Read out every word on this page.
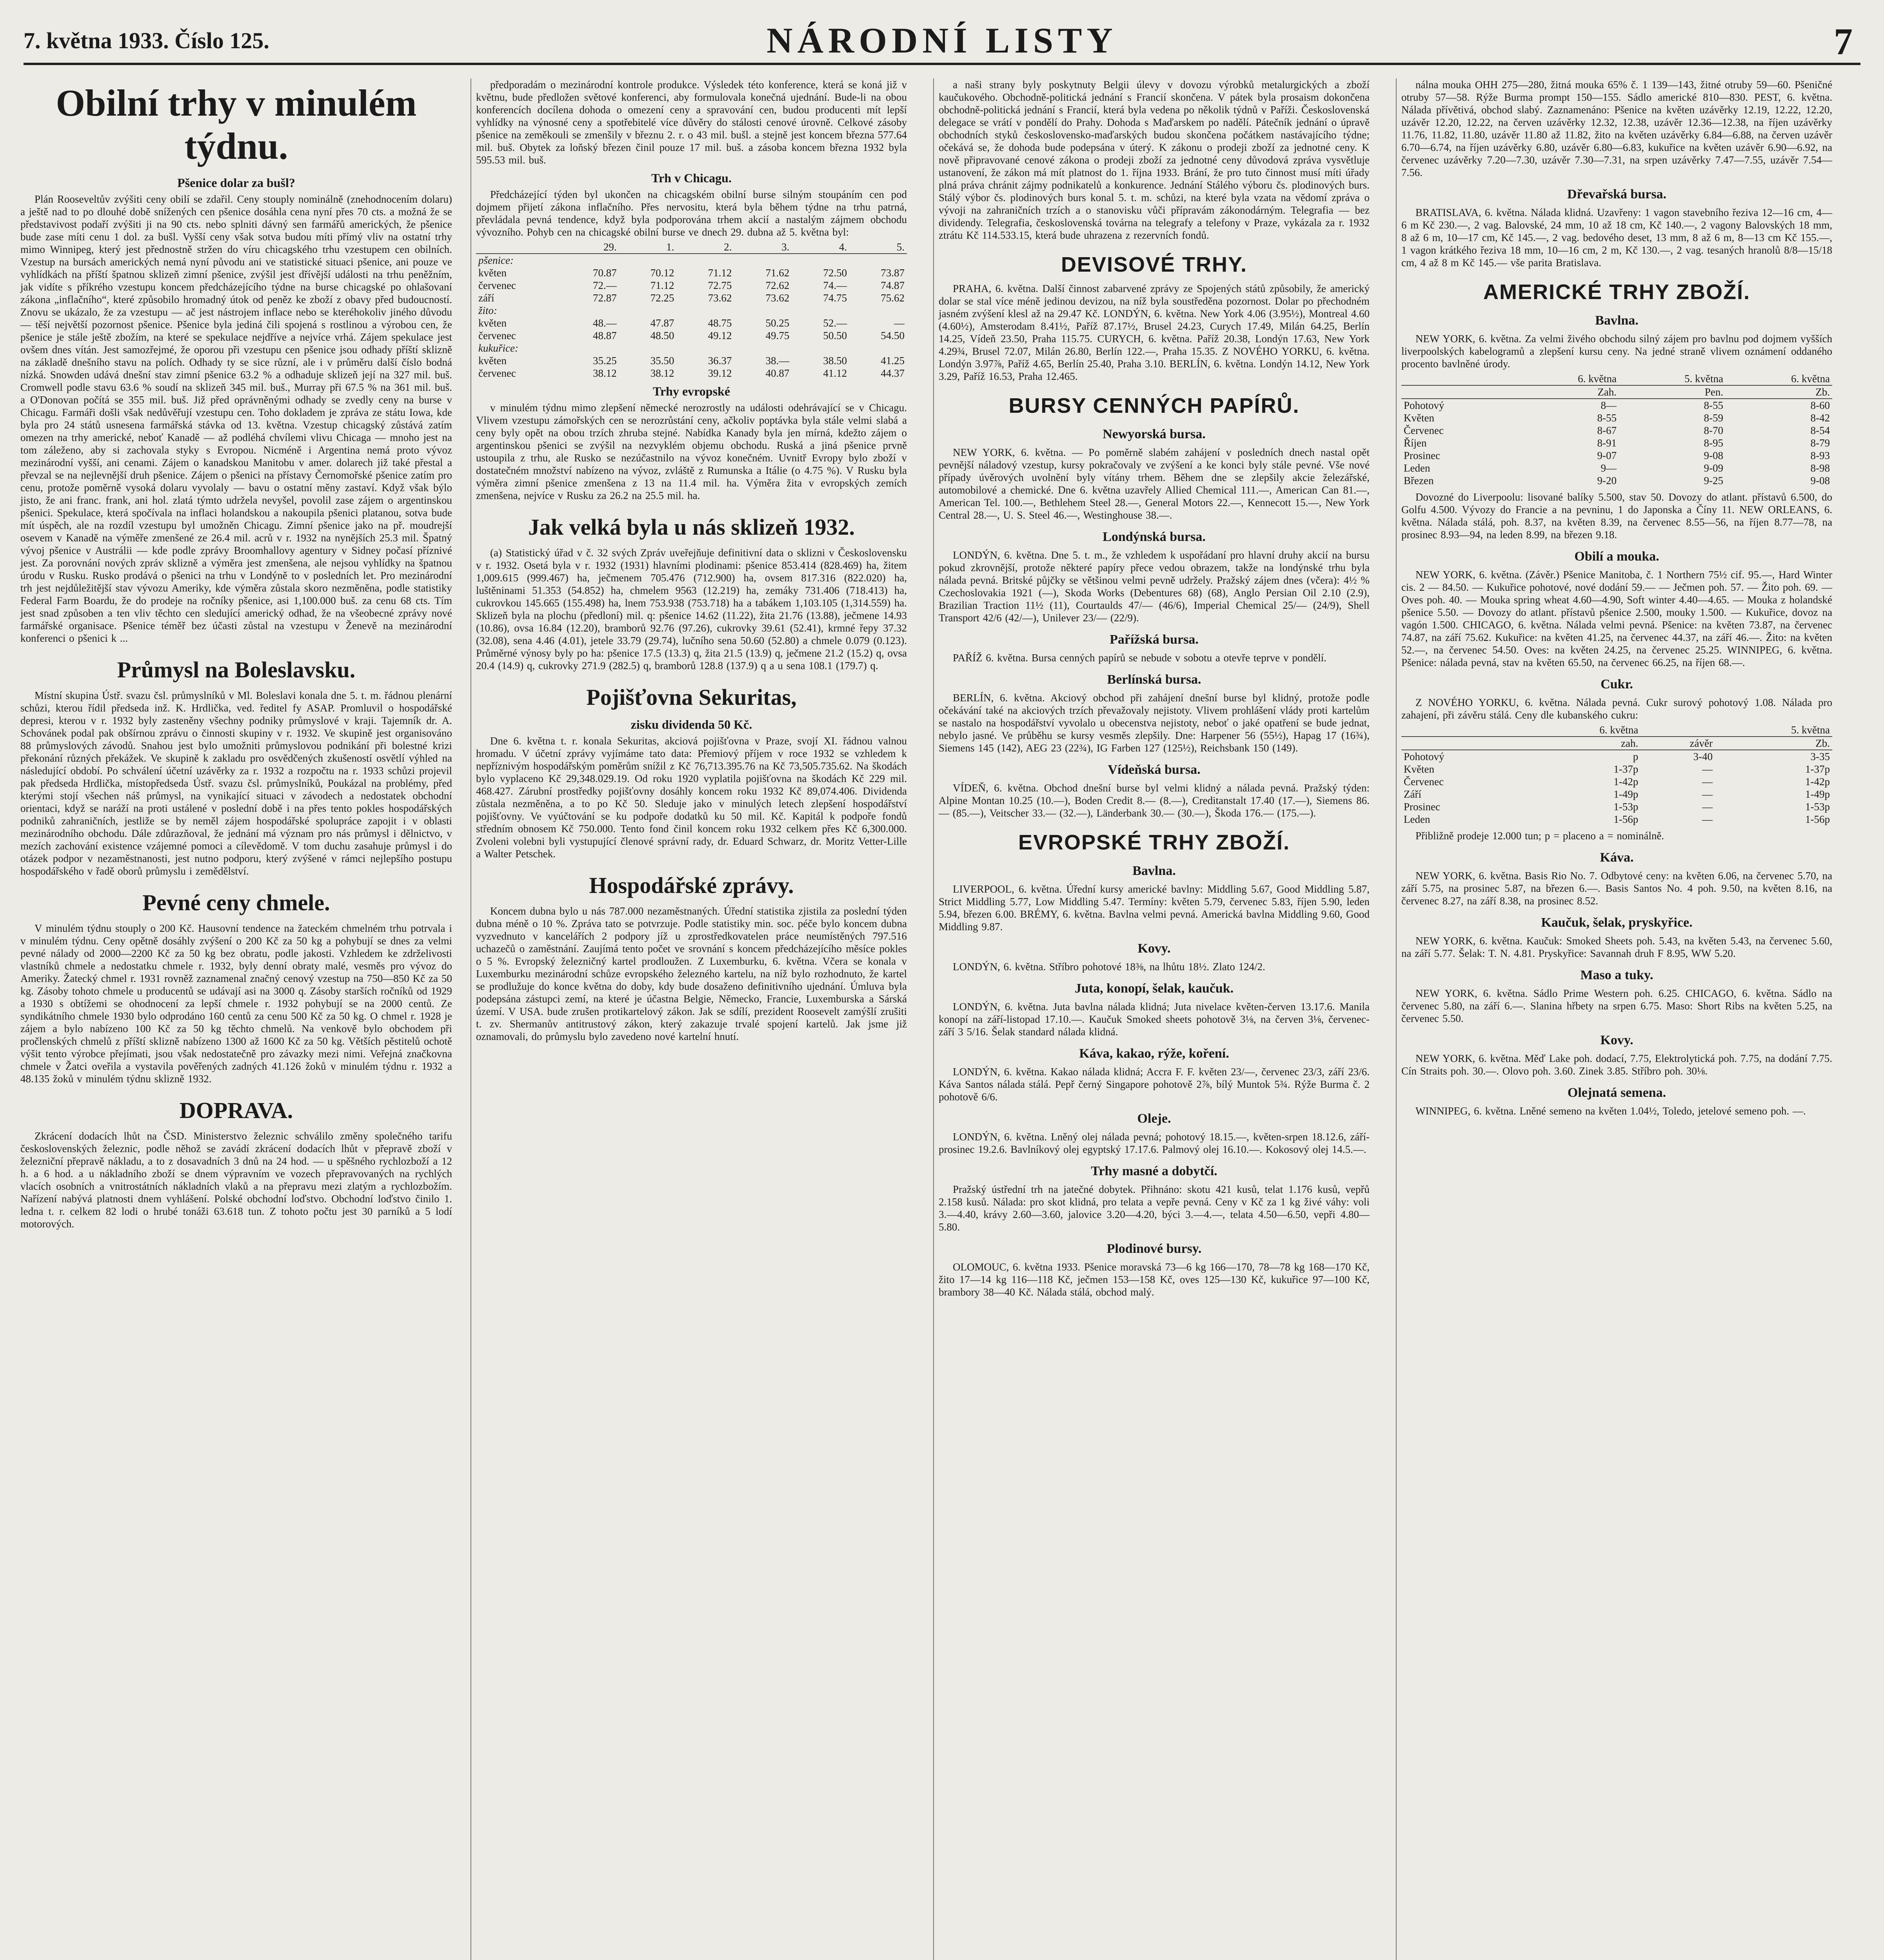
7. května 1933. Číslo 125.	NÁRODNÍ LISTY	7
Obilní trhy v minulém týdnu.
Pšenice dolar za bušl?

Plán Rooseveltův zvýšiti ceny obilí se zdařil. Ceny stouply nominálně (znehodnocením dolaru) a ještě nad to po dlouhé době snížených cen pšenice dosáhla cena nyní přes 70 cts. a možná že se představivost podaří zvýšiti ji na 90 cts. nebo splniti dávný sen farmářů amerických, že pšenice bude zase míti cenu 1 dol. za bušl. Vyšší ceny však sotva budou míti přímý vliv na ostatní trhy mimo Winnipeg, který jest přednostně stržen do víru chicagského trhu vzestupem cen obilních. Vzestup na bursách amerických nemá nyní původu ani ve statistické situaci pšenice, ani pouze ve vyhlídkách na příští špatnou sklizeň zimní pšenice, zvýšil jest dřívější události na trhu peněžním, jak vidíte s příkrého vzestupu koncem předcházejícího týdne na burse chicagské po ohlašovaní zákona „inflačního“, které způsobilo hromadný útok od peněz ke zboží z obavy před budoucností. Znovu se ukázalo, že za vzestupu — ač jest nástrojem inflace nebo se kteréhokoliv jiného důvodu — těší největší pozornost pšenice. Pšenice byla jediná čili spojená s rostlinou a výrobou cen, že pšenice je stále ještě zbožím, na které se spekulace nejdříve a nejvíce vrhá. Zájem spekulace jest ovšem dnes vítán. Jest samozřejmé, že oporou při vzestupu cen pšenice jsou odhady příští sklizně na základě dnešního stavu na polích. Odhady ty se sice různí, ale i v průměru další číslo bodná nízká. Snowden udává dnešní stav zimní pšenice 63.2 % a odhaduje sklizeň její na 327 mil. buš. Cromwell podle stavu 63.6 % soudí na sklizeň 345 mil. buš., Murray při 67.5 % na 361 mil. buš. a O'Donovan počítá se 355 mil. buš. Již před oprávněnými odhady se zvedly ceny na burse v Chicagu. Farmáři došli však nedůvěřují vzestupu cen. Toho dokladem je zpráva ze státu Iowa, kde byla pro 24 států usnesena farmářská stávka od 13. května. Vzestup chicagský zůstává zatím omezen na trhy americké, neboť Kanadě — až podléhá chvílemi vlivu Chicaga — mnoho jest na tom záleženo, aby si zachovala styky s Evropou. Nicméně i Argentina nemá proto vývoz mezinárodní vyšší, ani cenami. Zájem o kanadskou Manitobu v amer. dolarech již také přestal a převzal se na nejlevnější druh pšenice. Zájem o pšenici na přístavy Černomořské pšenice zatím pro cenu, protože poměrně vysoká dolaru vyvolaly — bavu o ostatní měny zastaví. Když však býlo jisto, že ani franc. frank, ani hol. zlatá týmto udržela nevyšel, povolil zase zájem o argentinskou pšenici. Spekulace, která spočívala na inflaci holandskou a nakoupila pšenici platanou, sotva bude mít úspěch, ale na rozdíl vzestupu byl umožněn Chicagu. Zimní pšenice jako na př. moudrejší osevem v Kanadě na výměře zmenšené ze 26.4 mil. acrů v r. 1932 na nynějších 25.3 mil. Špatný vývoj pšenice v Austrálii — kde podle zprávy Broomhallovy agentury v Sidney počasí příznivé jest. Za porovnání nových zpráv sklizně a výměra jest zmenšena, ale nejsou vyhlídky na špatnou úrodu v Rusku. Rusko prodává o pšenici na trhu v Londýně to v posledních let. Pro mezinárodní trh jest nejdůležitější stav vývozu Ameriky, kde výměra zůstala skoro nezměněna, podle statistiky Federal Farm Boardu, že do prodeje na ročníky pšenice, asi 1,100.000 buš. za cenu 68 cts. Tím jest snad způsoben a ten vliv těchto cen sledující americký odhad, že na všeobecné zprávy nové farmářské organisace. Pšenice téměř bez účasti zůstal na vzestupu v Ženevě na mezinárodní konferenci o pšenici k ...

Průmysl na Boleslavsku.

Místní skupina Ústř. svazu čsl. průmyslníků v Ml. Boleslavi konala dne 5. t. m. řádnou plenární schůzi, kterou řídil předseda inž. K. Hrdlička, ved. ředitel fy ASAP. Promluvil o hospodářské depresi, kterou v r. 1932 byly zasteněny všechny podniky průmyslové v kraji. Tajemník dr. A. Schovánek podal pak obšírnou zprávu o činnosti skupiny v r. 1932. Ve skupině jest organisováno 88 průmyslových závodů. Snahou jest bylo umožniti průmyslovou podnikání při bolestné krizi překonání různých překážek. Ve skupině k zakladu pro osvědčených zkušeností osvětlí výhled na následující období. Po schválení účetní uzávěrky za r. 1932 a rozpočtu na r. 1933 schůzi projevil pak předseda Hrdlička, místopředseda Ústř. svazu čsl. průmyslníků, Poukázal na problémy, před kterými stojí všechen náš průmysl, na vynikající situaci v závodech a nedostatek obchodní orientaci, když se naráží na proti ustálené v poslední době i na přes tento pokles hospodářských podniků zahraničních, jestliže se by neměl zájem hospodářské spolupráce zapojit i v oblasti mezinárodního obchodu. Dále zdůrazňoval, že jednání má význam pro nás průmysl i dělnictvo, v mezích zachování existence vzájemné pomoci a cílevědomě. V tom duchu zasahuje průmysl i do otázek podpor v nezaměstnanosti, jest nutno podporu, který zvýšené v rámci nejlepšího postupu hospodářského v řadě oborů průmyslu i zemědělství.

Pevné ceny chmele.

V minulém týdnu stouply o 200 Kč. Hausovní tendence na žateckém chmelném trhu potrvala i v minulém týdnu. Ceny opětně dosáhly zvýšení o 200 Kč za 50 kg a pohybují se dnes za velmi pevné nálady od 2000—2200 Kč za 50 kg bez obratu, podle jakosti. Vzhledem ke zdrželivosti vlastníků chmele a nedostatku chmele r. 1932, byly denní obraty malé, vesměs pro vývoz do Ameriky. Žatecký chmel r. 1931 rovněž zaznamenal značný cenový vzestup na 750—850 Kč za 50 kg. Zásoby tohoto chmele u producentů se udávají asi na 3000 q. Zásoby starších ročníků od 1929 a 1930 s obtížemi se ohodnocení za lepší chmele r. 1932 pohybují se na 2000 centů. Ze syndikátního chmele 1930 bylo odprodáno 160 centů za cenu 500 Kč za 50 kg. O chmel r. 1928 je zájem a bylo nabízeno 100 Kč za 50 kg těchto chmelů. Na venkově bylo obchodem při pročlenských chmelů z příští sklizně nabízeno 1300 až 1600 Kč za 50 kg. Větších pěstitelů ochotě výšit tento výrobce přejímati, jsou však nedostatečně pro závazky mezi nimi. Veřejná značkovna chmele v Žatci oveřila a vystavila pověřených zadných 41.126 žoků v minulém týdnu r. 1932 a 48.135 žoků v minulém týdnu sklizně 1932.

DOPRAVA.

Zkrácení dodacích lhůt na ČSD. Ministerstvo železnic schválilo změny společného tarifu československých železnic, podle něhož se zavádí zkrácení dodacích lhůt v přepravě zboží v železniční přepravě nákladu, a to z dosavadních 3 dnů na 24 hod. — u spěšného rychlozboží a 12 h. a 6 hod. a u nákladního zboží se dnem výpravním ve vozech přepravovaných na rychlých vlacích osobních a vnitrostátních nákladních vlaků a na přepravu mezi zlatým a rychlozbožím. Nařízení nabývá platnosti dnem vyhlášení. Polské obchodní loďstvo. Obchodní loďstvo činilo 1. ledna t. r. celkem 82 lodi o hrubé tonáži 63.618 tun. Z tohoto počtu jest 30 parníků a 5 lodí motorových.

předporadám o mezinárodní kontrole produkce. Výsledek této konference, která se koná již v květnu, bude předložen světové konferenci, aby formulovala konečná ujednání. Bude-li na obou konferencích docílena dohoda o omezení ceny a spravování cen, budou producenti mít lepší vyhlídky na výnosné ceny a spotřebitelé více důvěry do stálosti cenové úrovně. Celkové zásoby pšenice na zeměkouli se zmenšily v březnu 2. r. o 43 mil. bušl. a stejně jest koncem března 577.64 mil. buš. Obytek za loňský březen činil pouze 17 mil. buš. a zásoba koncem března 1932 byla 595.53 mil. buš.

Trh v Chicagu.

Předcházející týden byl ukončen na chicagském obilní burse silným stoupáním cen pod dojmem přijetí zákona inflačního. Přes nervositu, která byla během týdne na trhu patrná, převládala pevná tendence, když byla podporována trhem akcií a nastalým zájmem obchodu vývozního. Pohyb cen na chicagské obilní burse ve dnech 29. dubna až 5. května byl:

	29.	1.	2.	3.	4.	5.
pšenice:						
květen	70.87	70.12	71.12	71.62	72.50	73.87
červenec	72.—	71.12	72.75	72.62	74.—	74.87
září	72.87	72.25	73.62	73.62	74.75	75.62
žito:						
květen	48.—	47.87	48.75	50.25	52.—	—
červenec	48.87	48.50	49.12	49.75	50.50	54.50
kukuřice:						
květen	35.25	35.50	36.37	38.—	38.50	41.25
červenec	38.12	38.12	39.12	40.87	41.12	44.37
Trhy evropské

v minulém týdnu mimo zlepšení německé nerozrostly na události odehrávající se v Chicagu. Vlivem vzestupu zámořských cen se nerozrůstání ceny, ačkoliv poptávka byla stále velmi slabá a ceny byly opět na obou trzích zhruba stejné. Nabídka Kanady byla jen mírná, kdežto zájem o argentinskou pšenici se zvýšil na nezvyklém objemu obchodu. Ruská a jiná pšenice prvně ustoupila z trhu, ale Rusko se nezúčastnilo na vývoz konečném. Uvnitř Evropy bylo zboží v dostatečném množství nabízeno na vývoz, zvláště z Rumunska a Itálie (o 4.75 %). V Rusku byla výměra zimní pšenice zmenšena z 13 na 11.4 mil. ha. Výměra žita v evropských zemích zmenšena, nejvíce v Rusku za 26.2 na 25.5 mil. ha.

Jak velká byla u nás sklizeň 1932.

(a) Statistický úřad v č. 32 svých Zpráv uveřejňuje definitivní data o sklizni v Československu v r. 1932. Osetá byla v r. 1932 (1931) hlavními plodinami: pšenice 853.414 (828.469) ha, žitem 1,009.615 (999.467) ha, ječmenem 705.476 (712.900) ha, ovsem 817.316 (822.020) ha, luštěninami 51.353 (54.852) ha, chmelem 9563 (12.219) ha, zemáky 731.406 (718.413) ha, cukrovkou 145.665 (155.498) ha, lnem 753.938 (753.718) ha a tabákem 1,103.105 (1,314.559) ha. Sklizeň byla na plochu (předloní) mil. q: pšenice 14.62 (11.22), žita 21.76 (13.88), ječmene 14.93 (10.86), ovsa 16.84 (12.20), bramborů 92.76 (97.26), cukrovky 39.61 (52.41), krmné řepy 37.32 (32.08), sena 4.46 (4.01), jetele 33.79 (29.74), lučního sena 50.60 (52.80) a chmele 0.079 (0.123). Průměrné výnosy byly po ha: pšenice 17.5 (13.3) q, žita 21.5 (13.9) q, ječmene 21.2 (15.2) q, ovsa 20.4 (14.9) q, cukrovky 271.9 (282.5) q, bramborů 128.8 (137.9) q a u sena 108.1 (179.7) q.

Pojišťovna Sekuritas,
zisku dividenda 50 Kč.

Dne 6. května t. r. konala Sekuritas, akciová pojišťovna v Praze, svojí XI. řádnou valnou hromadu. V účetní zprávy vyjímáme tato data: Přemiový příjem v roce 1932 se vzhledem k nepříznivým hospodářským poměrům snížil z Kč 76,713.395.76 na Kč 73,505.735.62. Na škodách bylo vyplaceno Kč 29,348.029.19. Od roku 1920 vyplatila pojišťovna na škodách Kč 229 mil. 468.427. Zárubní prostředky pojišťovny dosáhly koncem roku 1932 Kč 89,074.406. Dividenda zůstala nezměněna, a to po Kč 50. Sleduje jako v minulých letech zlepšení hospodářství pojišťovny. Ve vyúčtování se ku podpoře dodatků ku 50 mil. Kč. Kapitál k podpoře fondů středním obnosem Kč 750.000. Tento fond činil koncem roku 1932 celkem přes Kč 6,300.000. Zvoleni volebni byli vystupující členové správní rady, dr. Eduard Schwarz, dr. Moritz Vetter-Lille a Walter Petschek.

Hospodářské zprávy.

Koncem dubna bylo u nás 787.000 nezaměstnaných. Úřední statistika zjistila za poslední týden dubna méně o 10 %. Zpráva tato se potvrzuje. Podle statistiky min. soc. péče bylo koncem dubna vyzvednuto v kancelářích 2 podpory jíž u zprostředkovatelen práce neumístěných 797.516 uchazečů o zaměstnání. Zaujímá tento počet ve srovnání s koncem předcházejícího měsíce pokles o 5 %. Evropský železničný kartel prodloužen. Z Luxemburku, 6. května. Včera se konala v Luxemburku mezinárodní schůze evropského železného kartelu, na níž bylo rozhodnuto, že kartel se prodlužuje do konce května do doby, kdy bude dosaženo definitivního ujednání. Úmluva byla podepsána zástupci zemí, na které je účastna Belgie, Německo, Francie, Luxemburska a Sárská území. V USA. bude zrušen protikartelový zákon. Jak se sdílí, prezident Roosevelt zamýšlí zrušiti t. zv. Shermanův antitrustový zákon, který zakazuje trvalé spojení kartelů. Jak jsme již oznamovali, do průmyslu bylo zavedeno nové kartelní hnutí.

a naši strany byly poskytnuty Belgii úlevy v dovozu výrobků metalurgických a zboží kaučukového. Obchodně-politická jednání s Francií skončena. V pátek byla prosaism dokončena obchodně-politická jednání s Francií, která byla vedena po několik týdnů v Paříži. Československá delegace se vrátí v pondělí do Prahy. Dohoda s Maďarskem po nadělí. Pátečník jednání o úpravě obchodních styků československo-maďarských budou skončena počátkem nastávajícího týdne; očekává se, že dohoda bude podepsána v úterý. K zákonu o prodeji zboží za jednotné ceny. K nově připravované cenové zákona o prodeji zboží za jednotné ceny důvodová zpráva vysvětluje ustanovení, že zákon má mít platnost do 1. října 1933. Brání, že pro tuto činnost musí míti úřady plná práva chránit zájmy podnikatelů a konkurence. Jednání Stálého výboru čs. plodinových burs. Stálý výbor čs. plodinových burs konal 5. t. m. schůzi, na které byla vzata na vědomí zpráva o vývoji na zahraničních trzích a o stanovisku vůči přípravám zákonodárným. Telegrafia — bez dividendy. Telegrafia, československá továrna na telegrafy a telefony v Praze, vykázala za r. 1932 ztrátu Kč 114.533.15, která bude uhrazena z rezervních fondů.

DEVISOVÉ TRHY.

PRAHA, 6. května. Další činnost zabarvené zprávy ze Spojených států způsobily, že americký dolar se stal více méně jedinou devizou, na níž byla soustředěna pozornost. Dolar po přechodném jasném zvýšení klesl až na 29.47 Kč. LONDÝN, 6. května. New York 4.06 (3.95½), Montreal 4.60 (4.60½), Amsterodam 8.41½, Paříž 87.17½, Brusel 24.23, Curych 17.49, Milán 64.25, Berlín 14.25, Vídeň 23.50, Praha 115.75. CURYCH, 6. května. Paříž 20.38, Londýn 17.63, New York 4.29¾, Brusel 72.07, Milán 26.80, Berlín 122.—, Praha 15.35. Z NOVÉHO YORKU, 6. května. Londýn 3.97⅞, Paříž 4.65, Berlín 25.40, Praha 3.10. BERLÍN, 6. května. Londýn 14.12, New York 3.29, Paříž 16.53, Praha 12.465.

BURSY CENNÝCH PAPÍRŮ.
Newyorská bursa.

NEW YORK, 6. května. — Po poměrně slabém zahájení v posledních dnech nastal opět pevnější náladový vzestup, kursy pokračovaly ve zvýšení a ke konci byly stále pevné. Vše nové případy úvěrových uvolnění byly vítány trhem. Během dne se zlepšily akcie železářské, automobilové a chemické. Dne 6. května uzavřely Allied Chemical 111.—, American Can 81.—, American Tel. 100.—, Bethlehem Steel 28.—, General Motors 22.—, Kennecott 15.—, New York Central 28.—, U. S. Steel 46.—, Westinghouse 38.—.

Londýnská bursa.

LONDÝN, 6. května. Dne 5. t. m., že vzhledem k uspořádaní pro hlavní druhy akcií na bursu pokud zkrovnější, protože některé papíry přece vedou obrazem, takže na londýnské trhu byla nálada pevná. Britské půjčky se většinou velmi pevně udržely. Pražský zájem dnes (včera): 4½ % Czechoslovakia 1921 (—), Skoda Works (Debentures 68) (68), Anglo Persian Oil 2.10 (2.9), Brazilian Traction 11½ (11), Courtaulds 47/— (46/6), Imperial Chemical 25/— (24/9), Shell Transport 42/6 (42/—), Unilever 23/— (22/9).

Pařížská bursa.

PAŘÍŽ 6. května. Bursa cenných papírů se nebude v sobotu a otevře teprve v pondělí.

Berlínská bursa.

BERLÍN, 6. května. Akciový obchod při zahájení dnešní burse byl klidný, protože podle očekávání také na akciových trzích převažovaly nejistoty. Vlivem prohlášení vlády proti kartelům se nastalo na hospodářství vyvolalo u obecenstva nejistoty, neboť o jaké opatření se bude jednat, nebylo jasné. Ve průběhu se kursy vesměs zlepšily. Dne: Harpener 56 (55½), Hapag 17 (16¾), Siemens 145 (142), AEG 23 (22¾), IG Farben 127 (125½), Reichsbank 150 (149).

Vídeňská bursa.

VÍDEŇ, 6. května. Obchod dnešní burse byl velmi klidný a nálada pevná. Pražský týden: Alpine Montan 10.25 (10.—), Boden Credit 8.— (8.—), Creditanstalt 17.40 (17.—), Siemens 86.— (85.—), Veitscher 33.— (32.—), Länderbank 30.— (30.—), Škoda 176.— (175.—).

EVROPSKÉ TRHY ZBOŽÍ.
Bavlna.

LIVERPOOL, 6. května. Úřední kursy americké bavlny: Middling 5.67, Good Middling 5.87, Strict Middling 5.77, Low Middling 5.47. Termíny: květen 5.79, červenec 5.83, říjen 5.90, leden 5.94, březen 6.00. BRÉMY, 6. května. Bavlna velmi pevná. Americká bavlna Middling 9.60, Good Middling 9.87.

Kovy.

LONDÝN, 6. května. Stříbro pohotové 18⅜, na lhůtu 18½. Zlato 124/2.

Juta, konopí, šelak, kaučuk.

LONDÝN, 6. května. Juta bavlna nálada klidná; Juta nivelace květen-červen 13.17.6. Manila konopí na září-listopad 17.10.—. Kaučuk Smoked sheets pohotově 3⅛, na červen 3⅛, červenec-září 3 5/16. Šelak standard nálada klidná.

Káva, kakao, rýže, koření.

LONDÝN, 6. května. Kakao nálada klidná; Accra F. F. květen 23/—, červenec 23/3, září 23/6. Káva Santos nálada stálá. Pepř černý Singapore pohotově 2⅞, bílý Muntok 5¾. Rýže Burma č. 2 pohotově 6/6.

Oleje.

LONDÝN, 6. května. Lněný olej nálada pevná; pohotový 18.15.—, květen-srpen 18.12.6, září-prosinec 19.2.6. Bavlníkový olej egyptský 17.17.6. Palmový olej 16.10.—. Kokosový olej 14.5.—.

Trhy masné a dobytčí.

Pražský ústřední trh na jatečné dobytek. Přihnáno: skotu 421 kusů, telat 1.176 kusů, vepřů 2.158 kusů. Nálada: pro skot klidná, pro telata a vepře pevná. Ceny v Kč za 1 kg živé váhy: voli 3.—4.40, krávy 2.60—3.60, jalovice 3.20—4.20, býci 3.—4.—, telata 4.50—6.50, vepři 4.80—5.80.

Plodinové bursy.

OLOMOUC, 6. května 1933. Pšenice moravská 73—6 kg 166—170, 78—78 kg 168—170 Kč, žito 17—14 kg 116—118 Kč, ječmen 153—158 Kč, oves 125—130 Kč, kukuřice 97—100 Kč, brambory 38—40 Kč. Nálada stálá, obchod malý.

nálna mouka OHH 275—280, žitná mouka 65% č. 1 139—143, žitné otruby 59—60. Pšeničné otruby 57—58. Rýže Burma prompt 150—155. Sádlo americké 810—830. PEST, 6. května. Nálada přívětivá, obchod slabý. Zaznamenáno: Pšenice na květen uzávěrky 12.19, 12.22, 12.20, uzávěr 12.20, 12.22, na červen uzávěrky 12.32, 12.38, uzávěr 12.36—12.38, na říjen uzávěrky 11.76, 11.82, 11.80, uzávěr 11.80 až 11.82, žito na květen uzávěrky 6.84—6.88, na červen uzávěr 6.70—6.74, na říjen uzávěrky 6.80, uzávěr 6.80—6.83, kukuřice na květen uzávěr 6.90—6.92, na červenec uzávěrky 7.20—7.30, uzávěr 7.30—7.31, na srpen uzávěrky 7.47—7.55, uzávěr 7.54—7.56.

Dřevařská bursa.

BRATISLAVA, 6. května. Nálada klidná. Uzavřeny: 1 vagon stavebního řeziva 12—16 cm, 4—6 m Kč 230.—, 2 vag. Balovské, 24 mm, 10 až 18 cm, Kč 140.—, 2 vagony Balovských 18 mm, 8 až 6 m, 10—17 cm, Kč 145.—, 2 vag. bedového deset, 13 mm, 8 až 6 m, 8—13 cm Kč 155.—, 1 vagon krátkého řeziva 18 mm, 10—16 cm, 2 m, Kč 130.—, 2 vag. tesaných hranolů 8/8—15/18 cm, 4 až 8 m Kč 145.— vše parita Bratislava.

AMERICKÉ TRHY ZBOŽÍ.
Bavlna.

NEW YORK, 6. května. Za velmi živého obchodu silný zájem pro bavlnu pod dojmem vyšších liverpoolských kabelogramů a zlepšení kursu ceny. Na jedné straně vlivem oznámení oddaného procento bavlněné úrody.

	6. května	5. května	6. května
	Zah.	Pen.	Zb.
Pohotový	8—	8-55	8-60
Květen	8-55	8-59	8-42
Červenec	8-67	8-70	8-54
Říjen	8-91	8-95	8-79
Prosinec	9-07	9-08	8-93
Leden	9—	9-09	8-98
Březen	9-20	9-25	9-08

Dovozné do Liverpoolu: lisované balíky 5.500, stav 50. Dovozy do atlant. přístavů 6.500, do Golfu 4.500. Vývozy do Francie a na pevninu, 1 do Japonska a Číny 11. NEW ORLEANS, 6. května. Nálada stálá, poh. 8.37, na květen 8.39, na červenec 8.55—56, na říjen 8.77—78, na prosinec 8.93—94, na leden 8.99, na březen 9.18.

Obilí a mouka.

NEW YORK, 6. května. (Závěr.) Pšenice Manitoba, č. 1 Northern 75½ cif. 95.—, Hard Winter cis. 2 — 84.50. — Kukuřice pohotové, nové dodání 59.— — Ječmen poh. 57. — Žito poh. 69. — Oves poh. 40. — Mouka spring wheat 4.60—4.90, Soft winter 4.40—4.65. — Mouka z holandské pšenice 5.50. — Dovozy do atlant. přístavů pšenice 2.500, mouky 1.500. — Kukuřice, dovoz na vagón 1.500. CHICAGO, 6. května. Nálada velmi pevná. Pšenice: na květen 73.87, na červenec 74.87, na září 75.62. Kukuřice: na květen 41.25, na červenec 44.37, na září 46.—. Žito: na květen 52.—, na červenec 54.50. Oves: na květen 24.25, na červenec 25.25. WINNIPEG, 6. května. Pšenice: nálada pevná, stav na květen 65.50, na červenec 66.25, na říjen 68.—.

Cukr.

Z NOVÉHO YORKU, 6. května. Nálada pevná. Cukr surový pohotový 1.08. Nálada pro zahajení, při závěru stálá. Ceny dle kubanského cukru:

	6. května		5. května
	zah.	závěr	Zb.
Pohotový	p	3-40	3-35
Květen	1-37p	—	1-37p
Červenec	1-42p	—	1-42p
Září	1-49p	—	1-49p
Prosinec	1-53p	—	1-53p
Leden	1-56p	—	1-56p

Přibližně prodeje 12.000 tun; p = placeno a = nominálně.

Káva.

NEW YORK, 6. května. Basis Rio No. 7. Odbytové ceny: na květen 6.06, na červenec 5.70, na září 5.75, na prosinec 5.87, na březen 6.—. Basis Santos No. 4 poh. 9.50, na květen 8.16, na červenec 8.27, na září 8.38, na prosinec 8.52.

Kaučuk, šelak, pryskyřice.

NEW YORK, 6. května. Kaučuk: Smoked Sheets poh. 5.43, na květen 5.43, na červenec 5.60, na září 5.77. Šelak: T. N. 4.81. Pryskyřice: Savannah druh F 8.95, WW 5.20.

Maso a tuky.

NEW YORK, 6. května. Sádlo Prime Western poh. 6.25. CHICAGO, 6. května. Sádlo na červenec 5.80, na září 6.—. Slanina hřbety na srpen 6.75. Maso: Short Ribs na květen 5.25, na červenec 5.50.

Kovy.

NEW YORK, 6. května. Měď Lake poh. dodací, 7.75, Elektrolytická poh. 7.75, na dodání 7.75. Cín Straits poh. 30.—. Olovo poh. 3.60. Zinek 3.85. Stříbro poh. 30⅛.

Olejnatá semena.

WINNIPEG, 6. května. Lněné semeno na květen 1.04½, Toledo, jetelové semeno poh. —.
